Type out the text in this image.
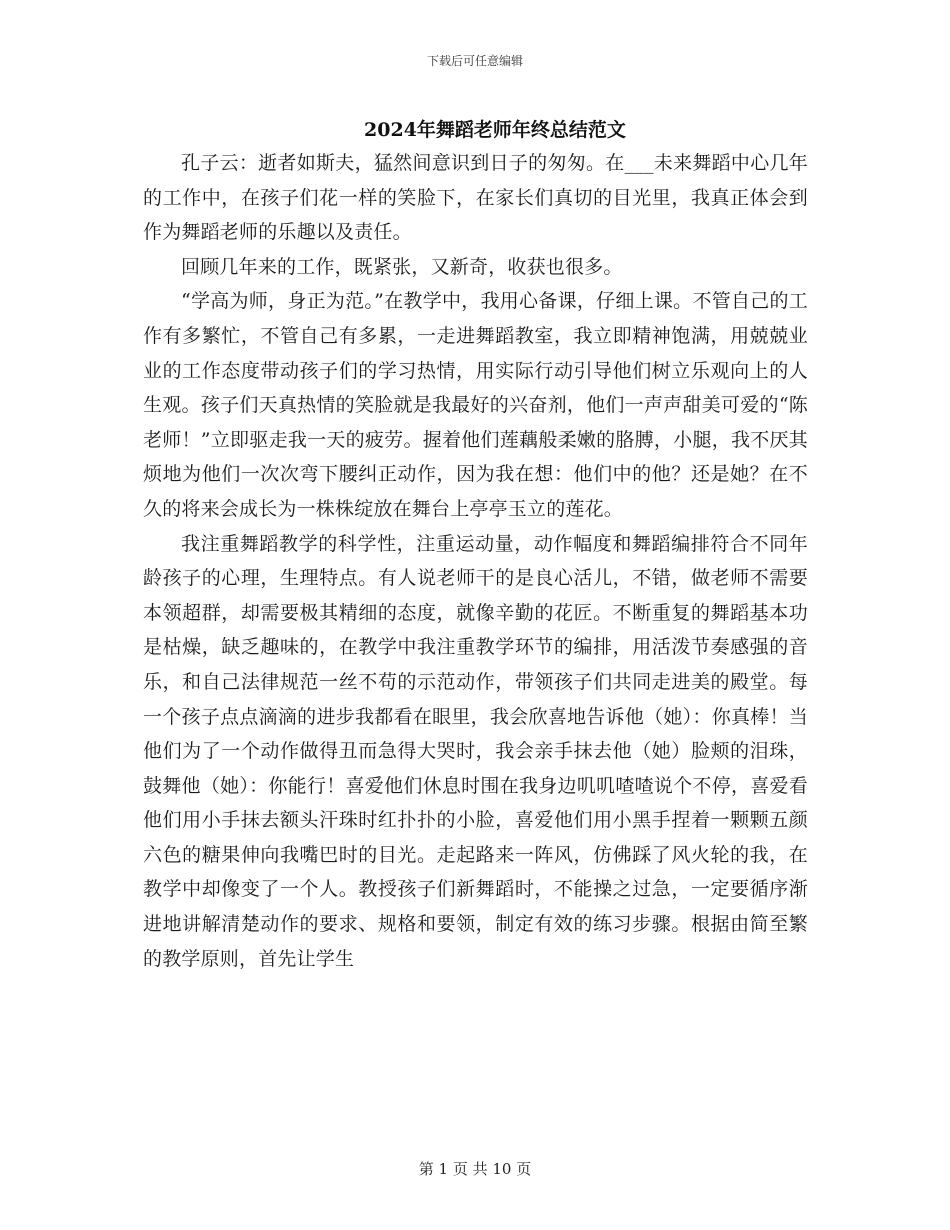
下载后可任意编辑
2024年舞蹈老师年终总结范文

孔子云：逝者如斯夫，猛然间意识到日子的匆匆。在___未来舞蹈中心几年的工作中，在孩子们花一样的笑脸下，在家长们真切的目光里，我真正体会到作为舞蹈老师的乐趣以及责任。

回顾几年来的工作，既紧张，又新奇，收获也很多。

“学高为师，身正为范。”在教学中，我用心备课，仔细上课。不管自己的工作有多繁忙，不管自己有多累，一走进舞蹈教室，我立即精神饱满，用兢兢业业的工作态度带动孩子们的学习热情，用实际行动引导他们树立乐观向上的人生观。孩子们天真热情的笑脸就是我最好的兴奋剂，他们一声声甜美可爱的“陈老师！”立即驱走我一天的疲劳。握着他们莲藕般柔嫩的胳膊，小腿，我不厌其烦地为他们一次次弯下腰纠正动作，因为我在想：他们中的他？还是她？在不久的将来会成长为一株株绽放在舞台上亭亭玉立的莲花。

我注重舞蹈教学的科学性，注重运动量，动作幅度和舞蹈编排符合不同年龄孩子的心理，生理特点。有人说老师干的是良心活儿，不错，做老师不需要本领超群，却需要极其精细的态度，就像辛勤的花匠。不断重复的舞蹈基本功是枯燥，缺乏趣味的，在教学中我注重教学环节的编排，用活泼节奏感强的音乐，和自己法律规范一丝不苟的示范动作，带领孩子们共同走进美的殿堂。每一个孩子点点滴滴的进步我都看在眼里，我会欣喜地告诉他（她）：你真棒！当他们为了一个动作做得丑而急得大哭时，我会亲手抹去他（她）脸颊的泪珠，鼓舞他（她）：你能行！喜爱他们休息时围在我身边叽叽喳喳说个不停，喜爱看他们用小手抹去额头汗珠时红扑扑的小脸，喜爱他们用小黑手捏着一颗颗五颜六色的糖果伸向我嘴巴时的目光。走起路来一阵风，仿佛踩了风火轮的我，在教学中却像变了一个人。教授孩子们新舞蹈时，不能操之过急，一定要循序渐进地讲解清楚动作的要求、规格和要领，制定有效的练习步骤。根据由简至繁的教学原则，首先让学生

第 1 页 共 10 页
